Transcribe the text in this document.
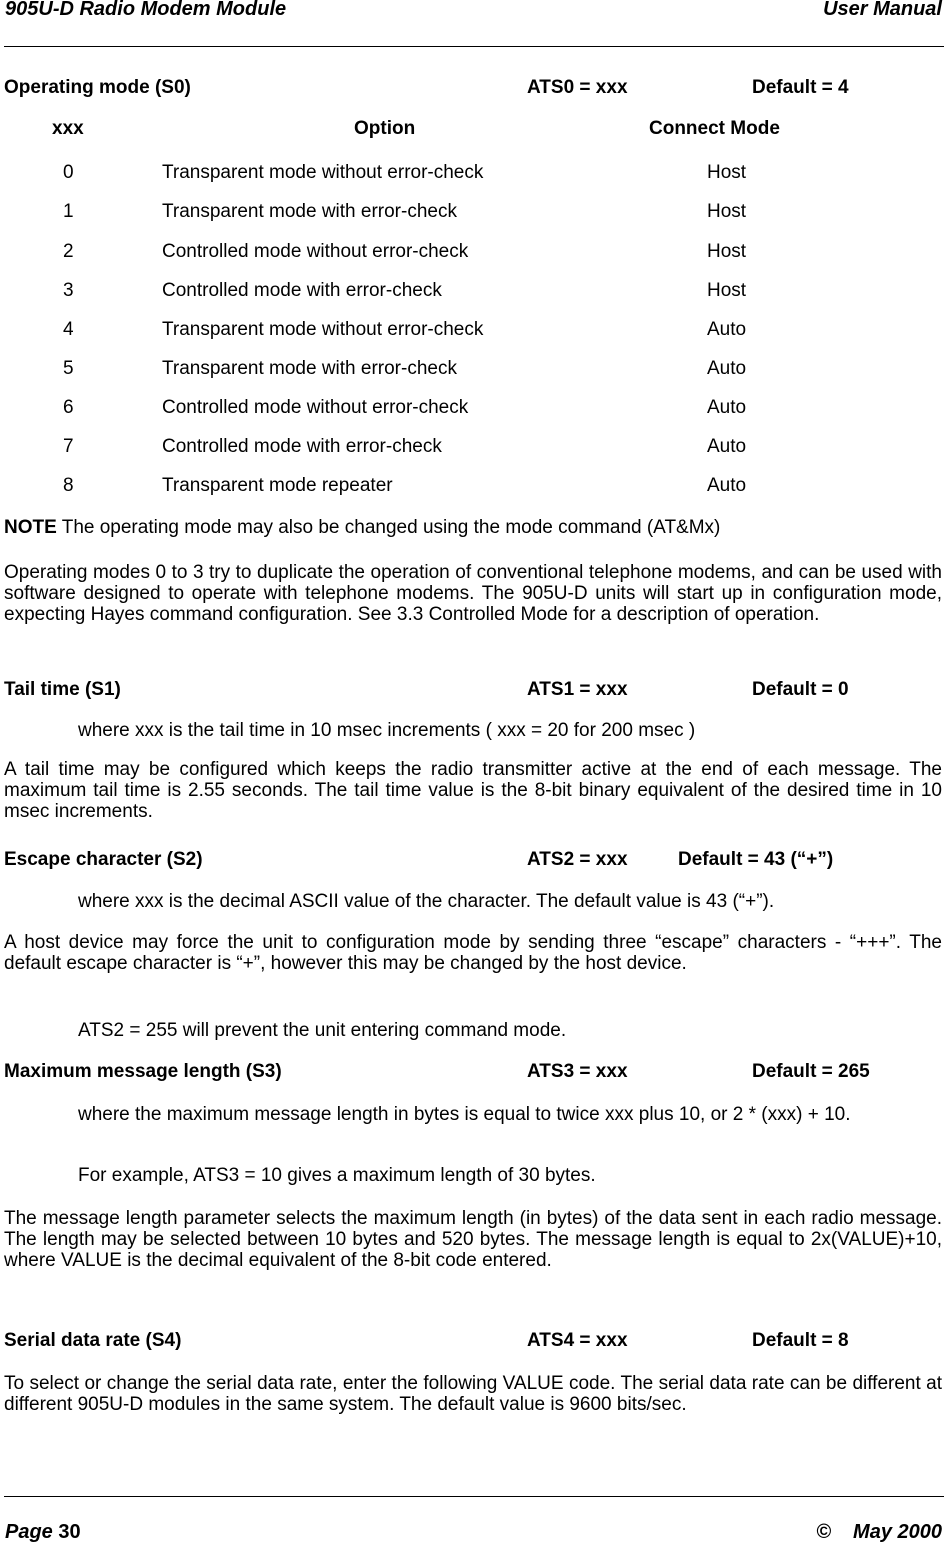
905U-D Radio Modem Module	User Manual
Operating mode (S0)	ATS0 = xxx	Default = 4
xxx	Option	Connect Mode
0	Transparent mode without error-check	Host
1	Transparent mode with error-check	Host
2	Controlled mode without error-check	Host
3	Controlled mode with error-check	Host
4	Transparent mode without error-check	Auto
5	Transparent mode with error-check	Auto
6	Controlled mode without error-check	Auto
7	Controlled mode with error-check	Auto
8	Transparent mode repeater	Auto
NOTE The operating mode may also be changed using the mode command (AT&Mx)
Operating modes 0 to 3 try to duplicate the operation of conventional telephone modems, and can be used with software designed to operate with telephone modems. The 905U-D units will start up in configuration mode, expecting Hayes command configuration. See 3.3 Controlled Mode for a description of operation.
Tail time (S1)	ATS1 = xxx	Default = 0
where xxx is the tail time in 10 msec increments ( xxx = 20 for 200 msec )
A tail time may be configured which keeps the radio transmitter active at the end of each message. The maximum tail time is 2.55 seconds. The tail time value is the 8-bit binary equivalent of the desired time in 10 msec increments.
Escape character (S2)	ATS2 = xxx	Default = 43 (“+”)
where xxx is the decimal ASCII value of the character. The default value is 43 (“+”).
A host device may force the unit to configuration mode by sending three “escape” characters - “+++”. The default escape character is “+”, however this may be changed by the host device.
ATS2 = 255 will prevent the unit entering command mode.
Maximum message length (S3)	ATS3 = xxx	Default = 265
where the maximum message length in bytes is equal to twice xxx plus 10, or 2 * (xxx) + 10.
For example, ATS3 = 10 gives a maximum length of 30 bytes.
The message length parameter selects the maximum length (in bytes) of the data sent in each radio message. The length may be selected between 10 bytes and 520 bytes. The message length is equal to 2x(VALUE)+10, where VALUE is the decimal equivalent of the 8-bit code entered.
Serial data rate (S4)	ATS4 = xxx	Default = 8
To select or change the serial data rate, enter the following VALUE code. The serial data rate can be different at different 905U-D modules in the same system. The default value is 9600 bits/sec.
Page 30	© May 2000
